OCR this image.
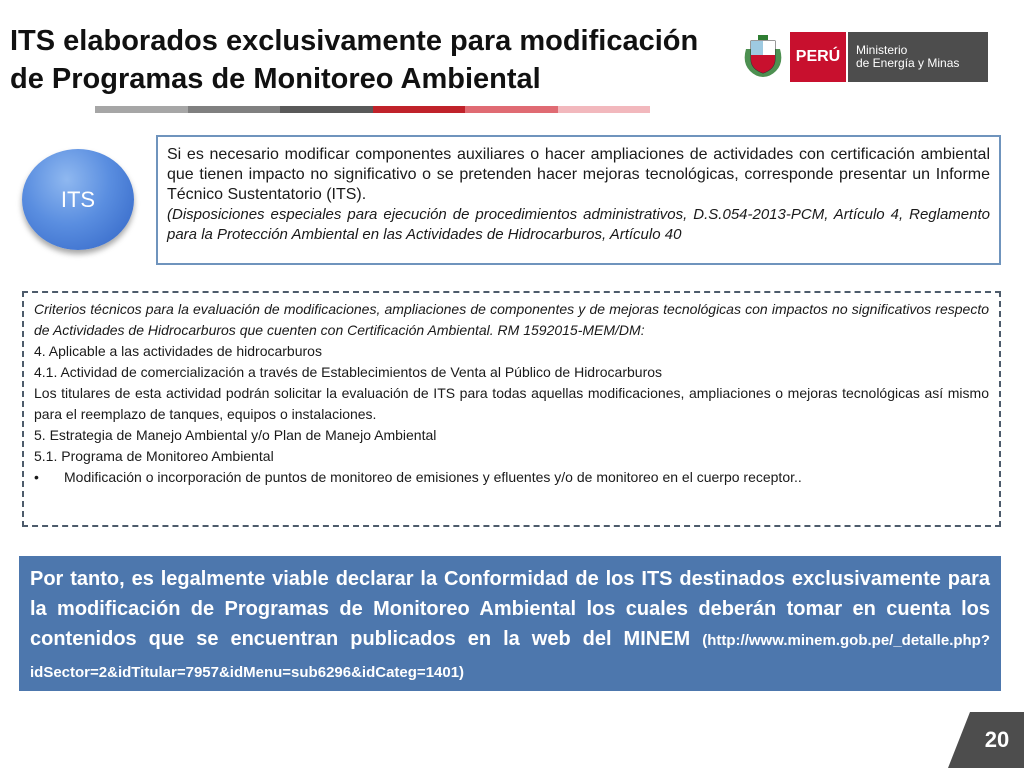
ITS elaborados exclusivamente para modificación
de Programas de Monitoreo Ambiental
PERÚ	Ministerio
de Energía y Minas
ITS
Si es necesario modificar componentes auxiliares o hacer ampliaciones de actividades con certificación ambiental que tienen impacto no significativo o se pretenden hacer mejoras tecnológicas, corresponde presentar un Informe Técnico Sustentatorio (ITS).
(Disposiciones especiales para ejecución de procedimientos administrativos, D.S.054-2013-PCM, Artículo 4, Reglamento para la Protección Ambiental en las Actividades de Hidrocarburos, Artículo 40

Criterios técnicos para la evaluación de modificaciones, ampliaciones de componentes y de mejoras tecnológicas con impactos no significativos respecto de Actividades de Hidrocarburos que cuenten con Certificación Ambiental. RM 1592015-MEM/DM:

4. Aplicable a las actividades de hidrocarburos

4.1. Actividad de comercialización a través de Establecimientos de Venta al Público de Hidrocarburos

Los titulares de esta actividad podrán solicitar la evaluación de ITS para todas aquellas modificaciones, ampliaciones o mejoras tecnológicas así mismo para el reemplazo de tanques, equipos o instalaciones.

5. Estrategia de Manejo Ambiental y/o Plan de Manejo Ambiental

5.1. Programa de Monitoreo Ambiental

•	Modificación o incorporación de puntos de monitoreo de emisiones y efluentes y/o de monitoreo en el cuerpo receptor..
Por tanto, es legalmente viable declarar la Conformidad de los ITS destinados exclusivamente para la modificación de Programas de Monitoreo Ambiental los cuales deberán tomar en cuenta los contenidos que se encuentran publicados en la web del MINEM (http://www.minem.gob.pe/_detalle.php?idSector=2&idTitular=7957&idMenu=sub6296&idCateg=1401)
20
